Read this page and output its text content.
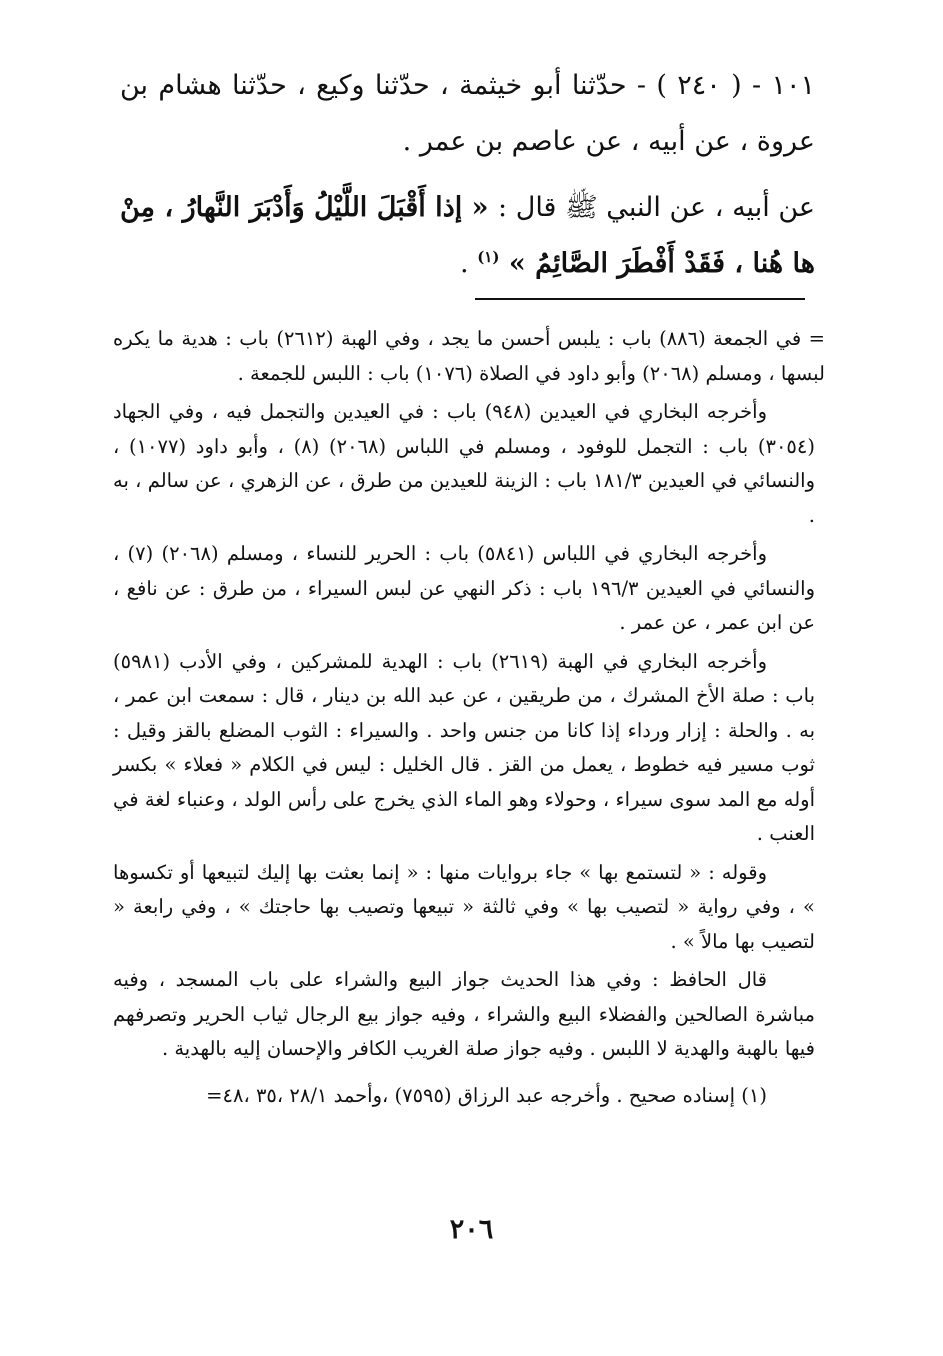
١٠١ - ( ٢٤٠ ) - حدّثنا أبو خيثمة ، حدّثنا وكيع ، حدّثنا هشام بن عروة ، عن أبيه ، عن عاصم بن عمر .

عن أبيه ، عن النبي ﷺ قال : « إذا أَقْبَلَ اللَّيْلُ وَأَدْبَرَ النَّهارُ ، مِنْ ها هُنا ، فَقَدْ أَفْطَرَ الصَّائِمُ » $^{(١)}$ .

= في الجمعة (٨٨٦) باب : يلبس أحسن ما يجد ، وفي الهبة (٢٦١٢) باب : هدية ما يكره لبسها ، ومسلم (٢٠٦٨) وأبو داود في الصلاة (١٠٧٦) باب : اللبس للجمعة .

وأخرجه البخاري في العيدين (٩٤٨) باب : في العيدين والتجمل فيه ، وفي الجهاد (٣٠٥٤) باب : التجمل للوفود ، ومسلم في اللباس (٢٠٦٨) (٨) ، وأبو داود (١٠٧٧) ، والنسائي في العيدين ١٨١/٣ باب : الزينة للعيدين من طرق ، عن الزهري ، عن سالم ، به .

وأخرجه البخاري في اللباس (٥٨٤١) باب : الحرير للنساء ، ومسلم (٢٠٦٨) (٧) ، والنسائي في العيدين ١٩٦/٣ باب : ذكر النهي عن لبس السيراء ، من طرق : عن نافع ، عن ابن عمر ، عن عمر .

وأخرجه البخاري في الهبة (٢٦١٩) باب : الهدية للمشركين ، وفي الأدب (٥٩٨١) باب : صلة الأخ المشرك ، من طريقين ، عن عبد الله بن دينار ، قال : سمعت ابن عمر ، به . والحلة : إزار ورداء إذا كانا من جنس واحد . والسيراء : الثوب المضلع بالقز وقيل : ثوب مسير فيه خطوط ، يعمل من القز . قال الخليل : ليس في الكلام « فعلاء » بكسر أوله مع المد سوى سيراء ، وحولاء وهو الماء الذي يخرج على رأس الولد ، وعنباء لغة في العنب .

وقوله : « لتستمع بها » جاء بروايات منها : « إنما بعثت بها إليك لتبيعها أو تكسوها » ، وفي رواية « لتصيب بها » وفي ثالثة « تبيعها وتصيب بها حاجتك » ، وفي رابعة « لتصيب بها مالاً » .

قال الحافظ : وفي هذا الحديث جواز البيع والشراء على باب المسجد ، وفيه مباشرة الصالحين والفضلاء البيع والشراء ، وفيه جواز بيع الرجال ثياب الحرير وتصرفهم فيها بالهبة والهدية لا اللبس . وفيه جواز صلة الغريب الكافر والإحسان إليه بالهدية .

(١) إسناده صحيح . وأخرجه عبد الرزاق (٧٥٩٥) ،وأحمد ٢٨/١ ،٣٥ ،٤٨=

٢٠٦
